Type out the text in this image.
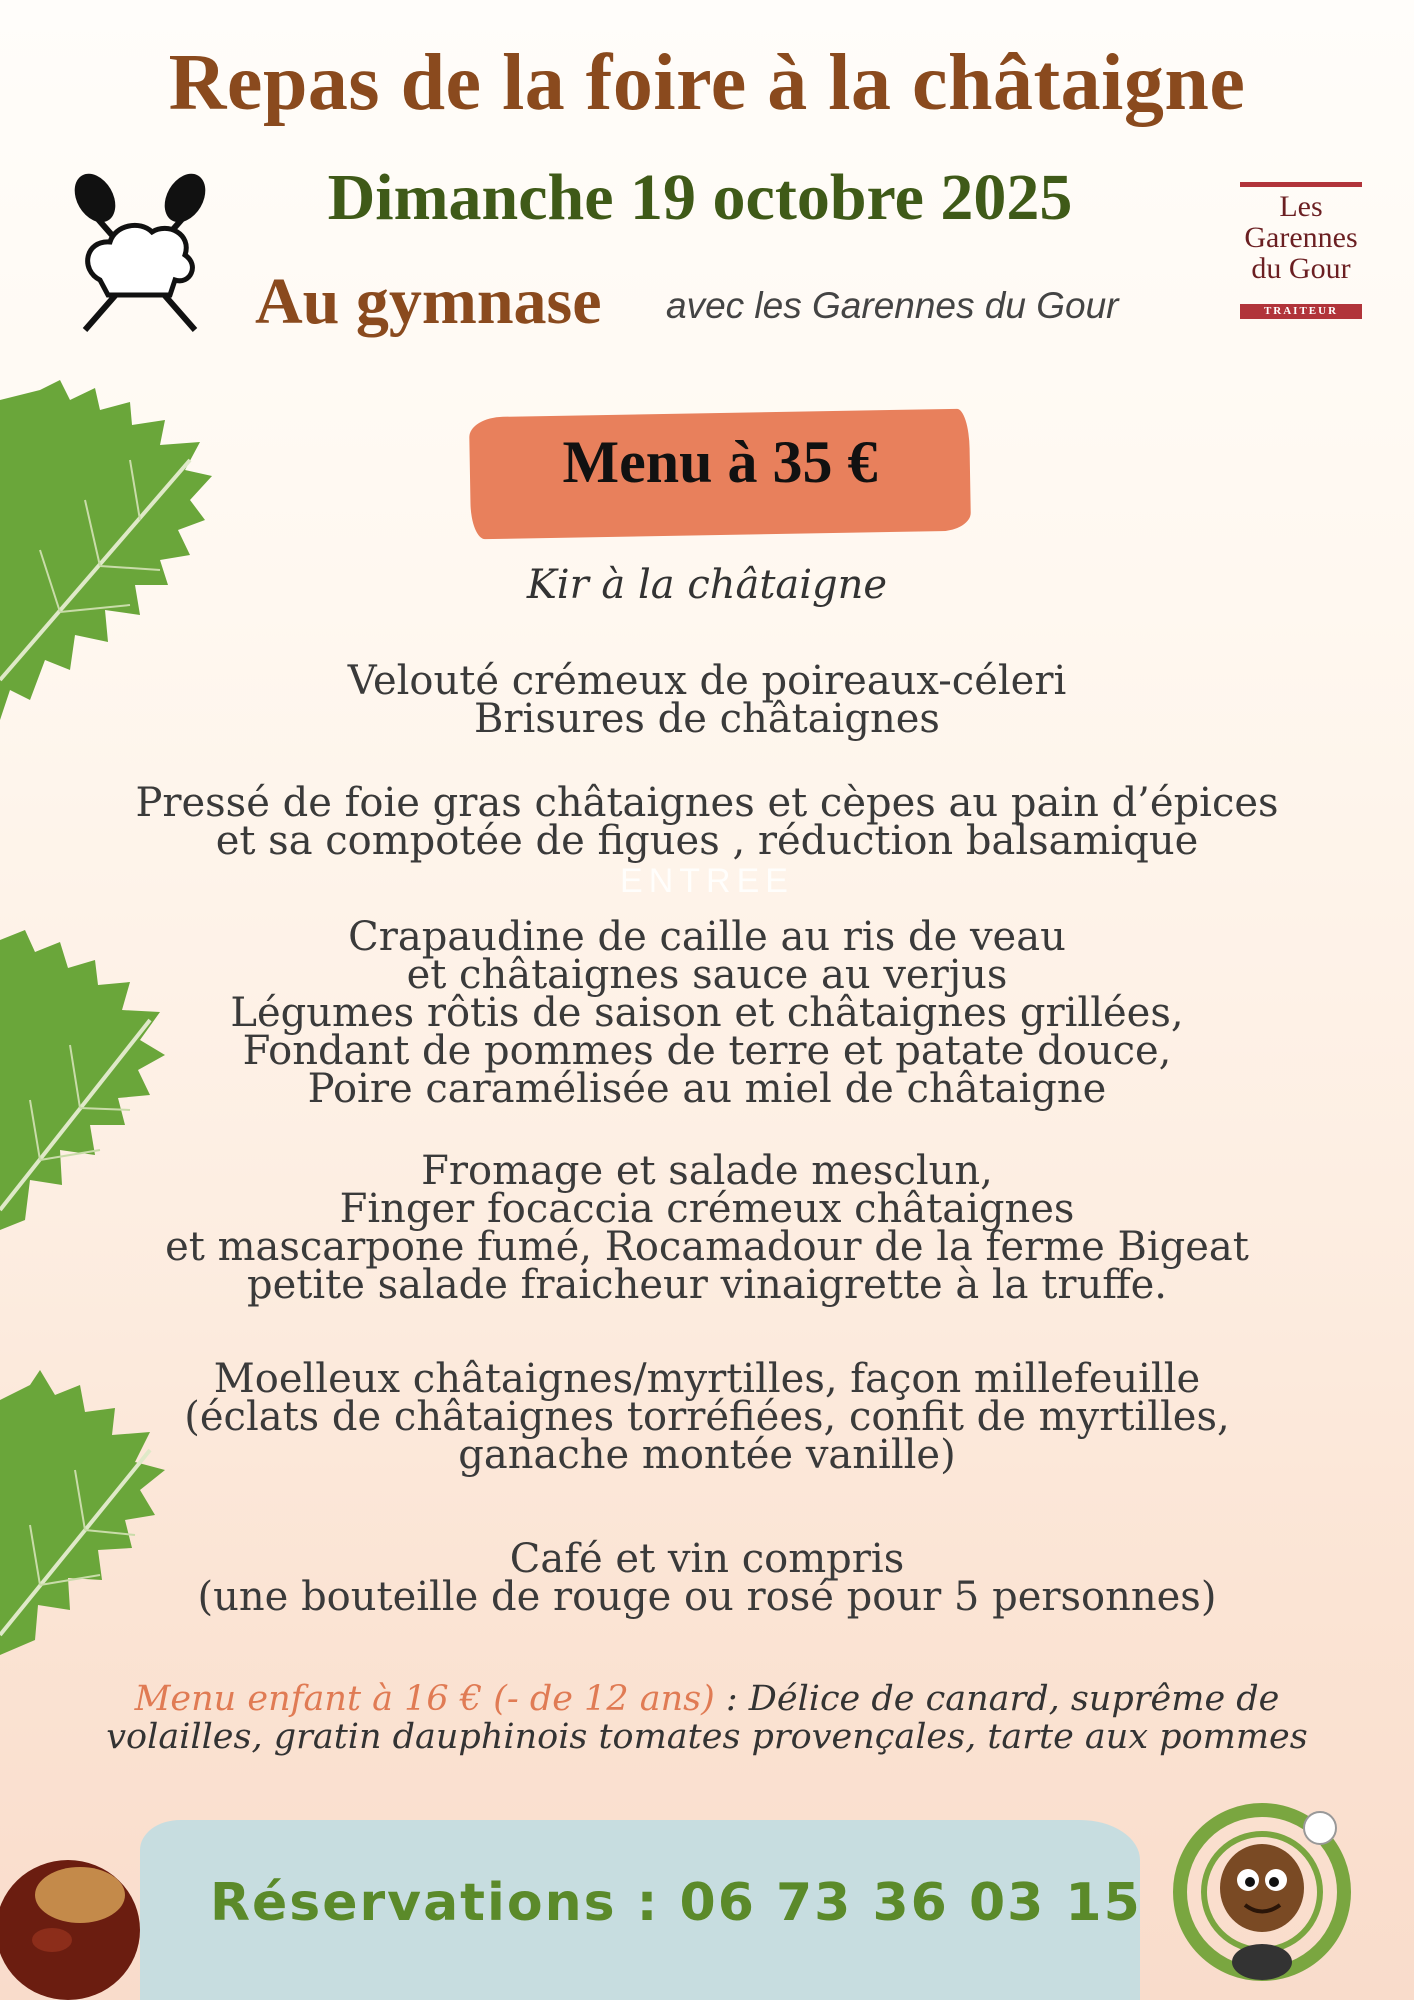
Repas de la foire à la châtaigne
Dimanche 19 octobre 2025
Au gymnase avec les Garennes du Gour
Les
Garennes
du Gour
TRAITEUR
Menu à 35 €
Kir à la châtaigne
ENTREE
Velouté crémeux de poireaux-céleri
Brisures de châtaignes
Pressé de foie gras châtaignes et cèpes au pain d’épices
et sa compotée de figues , réduction balsamique
Crapaudine de caille au ris de veau
et châtaignes sauce au verjus
Légumes rôtis de saison et châtaignes grillées,
Fondant de pommes de terre et patate douce,
Poire caramélisée au miel de châtaigne
Fromage et salade mesclun,
Finger focaccia crémeux châtaignes
et mascarpone fumé, Rocamadour de la ferme Bigeat
petite salade fraicheur vinaigrette à la truffe.
Moelleux châtaignes/myrtilles, façon millefeuille
(éclats de châtaignes torréfiées, confit de myrtilles,
ganache montée vanille)
Café et vin compris
(une bouteille de rouge ou rosé pour 5 personnes)
Menu enfant à 16 € (- de 12 ans) : Délice de canard, suprême de
volailles, gratin dauphinois tomates provençales, tarte aux pommes
Réservations : 06 73 36 03 15
